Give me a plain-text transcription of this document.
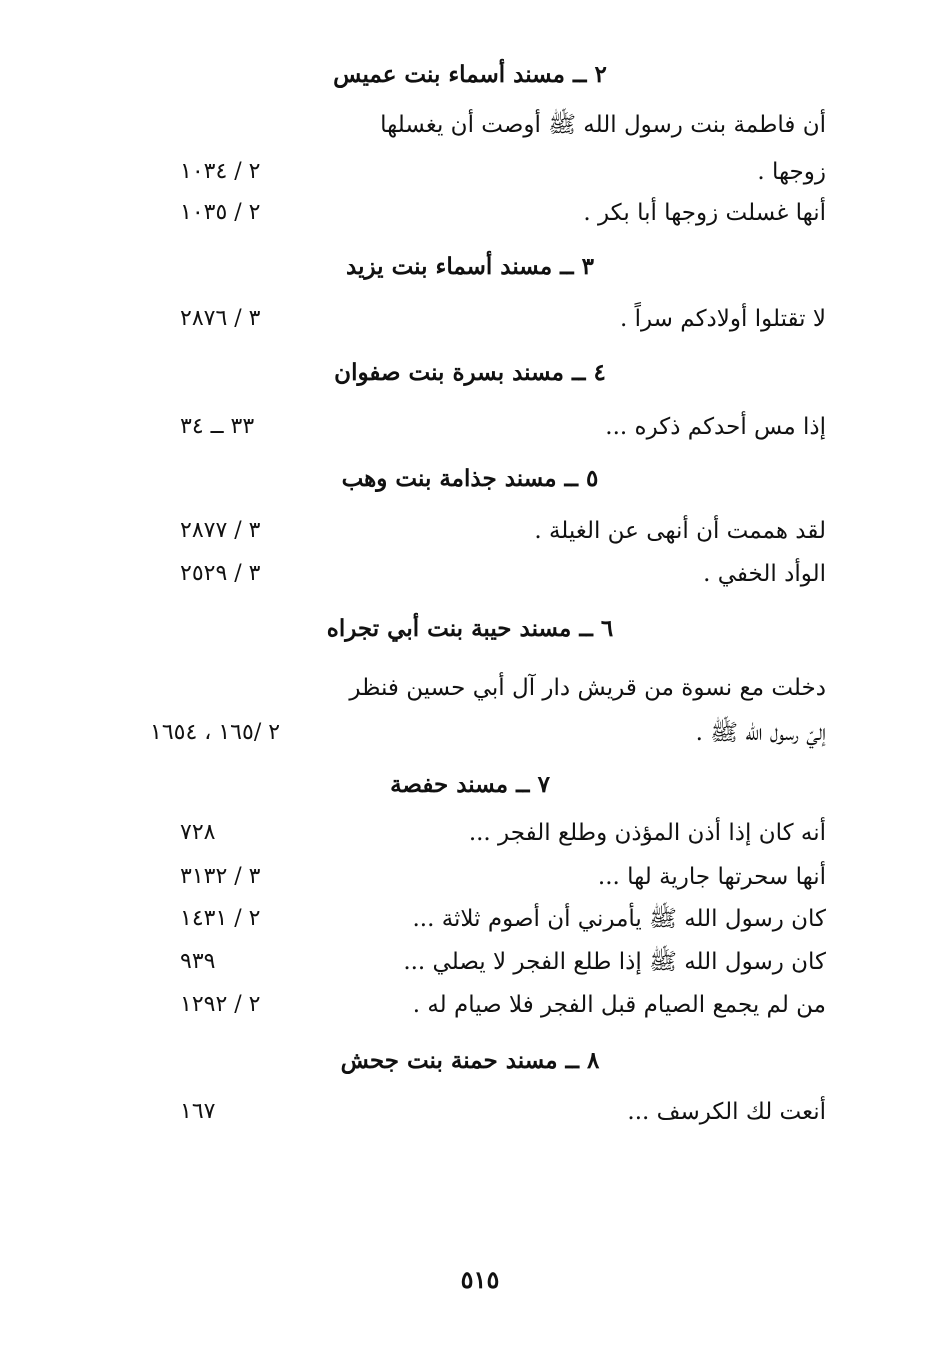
٢ ــ مسند أسماء بنت عميس
أن فاطمة بنت رسول الله ﷺ أوصت أن يغسلها
زوجها .
٢ / ١٠٣٤
أنها غسلت زوجها أبا بكر .
٢ / ١٠٣٥
٣ ــ مسند أسماء بنت يزيد
لا تقتلوا أولادكم سراً .
٣ / ٢٨٧٦
٤ ــ مسند بسرة بنت صفوان
إذا مس أحدكم ذكره ...
٣٣ ــ ٣٤
٥ ــ مسند جذامة بنت وهب
لقد هممت أن أنهى عن الغيلة .
٣ / ٢٨٧٧
الوأد الخفي .
٣ / ٢٥٢٩
٦ ــ مسند حيبة بنت أبي تجراه
دخلت مع نسوة من قريش دار آل أبي حسين فنظر
إليّ رسول الله ﷺ .
٢ /١٦٥ ، ١٦٥٤
٧ ــ مسند حفصة
أنه كان إذا أذن المؤذن وطلع الفجر ...
٧٢٨
أنها سحرتها جارية لها ...
٣ / ٣١٣٢
كان رسول الله ﷺ يأمرني أن أصوم ثلاثة ...
٢ / ١٤٣١
كان رسول الله ﷺ إذا طلع الفجر لا يصلي ...
٩٣٩
من لم يجمع الصيام قبل الفجر فلا صيام له .
٢ / ١٢٩٢
٨ ــ مسند حمنة بنت جحش
أنعت لك الكرسف ...
١٦٧
٥١٥
